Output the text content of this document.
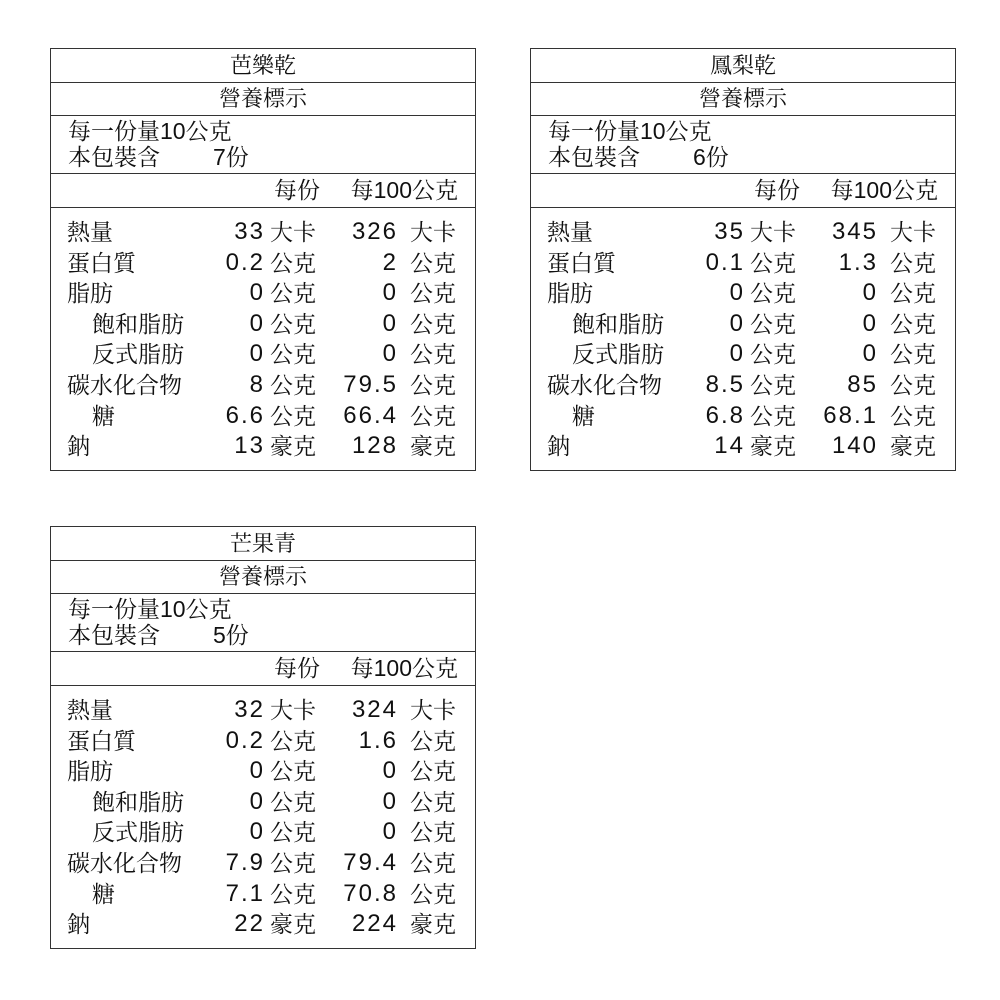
芭樂乾
營養標示
每一份量10公克
本包裝含 7份
每份 每100公克
熱量	33 大卡 326 大卡
蛋白質	0.2 公克	2 公克
脂肪	0 公克	0 公克
飽和脂肪	0 公克	0 公克
反式脂肪	0 公克	0 公克
碳水化合物	8 公克 79.5 公克
糖	6.6 公克 66.4 公克
鈉	13 豪克 128 豪克
鳳梨乾
營養標示
每一份量10公克
本包裝含 6份
每份 每100公克
熱量	35 大卡 345 大卡
蛋白質	0.1 公克 1.3 公克
脂肪	0 公克	0 公克
飽和脂肪	0 公克	0 公克
反式脂肪	0 公克	0 公克
碳水化合物 8.5 公克 85 公克
糖	6.8 公克 68.1 公克
鈉	14 豪克 140 豪克
芒果青
營養標示
每一份量10公克
本包裝含 5份
每份 每100公克
熱量	32 大卡 324 大卡
蛋白質	0.2 公克 1.6 公克
脂肪	0 公克	0 公克
飽和脂肪	0 公克	0 公克
反式脂肪	0 公克	0 公克
碳水化合物 7.9 公克 79.4 公克
糖	7.1 公克 70.8 公克
鈉	22 豪克 224 豪克
